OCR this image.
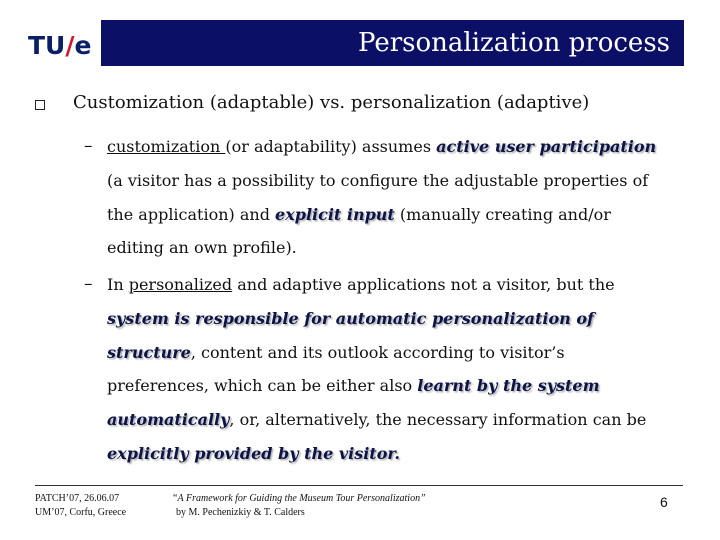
TU/e	Personalization process
Customization (adaptable) vs. personalization (adaptive)
– customization (or adaptability) assumes active user participation (a visitor has a possibility to configure the adjustable properties of the application) and explicit input (manually creating and/or editing an own profile).
– In personalized and adaptive applications not a visitor, but the system is responsible for automatic personalization of structure, content and its outlook according to visitor’s preferences, which can be either also learnt by the system automatically, or, alternatively, the necessary information can be explicitly provided by the visitor.
PATCH’07, 26.06.07
UM’07, Corfu, Greece
“A Framework for Guiding the Museum Tour Personalization”
by M. Pechenizkiy & T. Calders
6
